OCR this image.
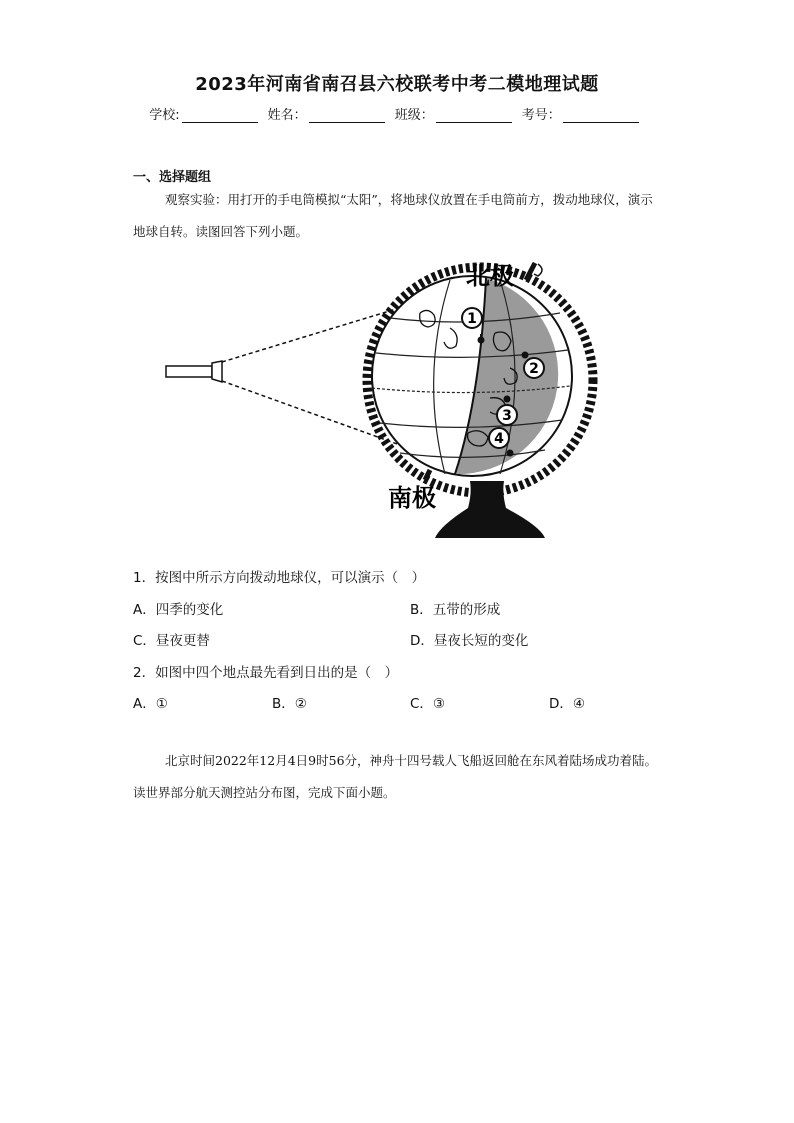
2023年河南省南召县六校联考中考二模地理试题
学校:	姓名：	班级：	考号：
一、选择题组
观察实验：用打开的手电筒模拟“太阳”，将地球仪放置在手电筒前方，拨动地球仪，演示地球自转。读图回答下列小题。
1
2
3
4
北极
南极
1．按图中所示方向拨动地球仪，可以演示（　）
A．四季的变化	B．五带的形成
C．昼夜更替	D．昼夜长短的变化
2．如图中四个地点最先看到日出的是（　）
A．①	B．②	C．③	D．④
北京时间2022年12月4日9时56分，神舟十四号载人飞船返回舱在东风着陆场成功着陆。读世界部分航天测控站分布图，完成下面小题。
